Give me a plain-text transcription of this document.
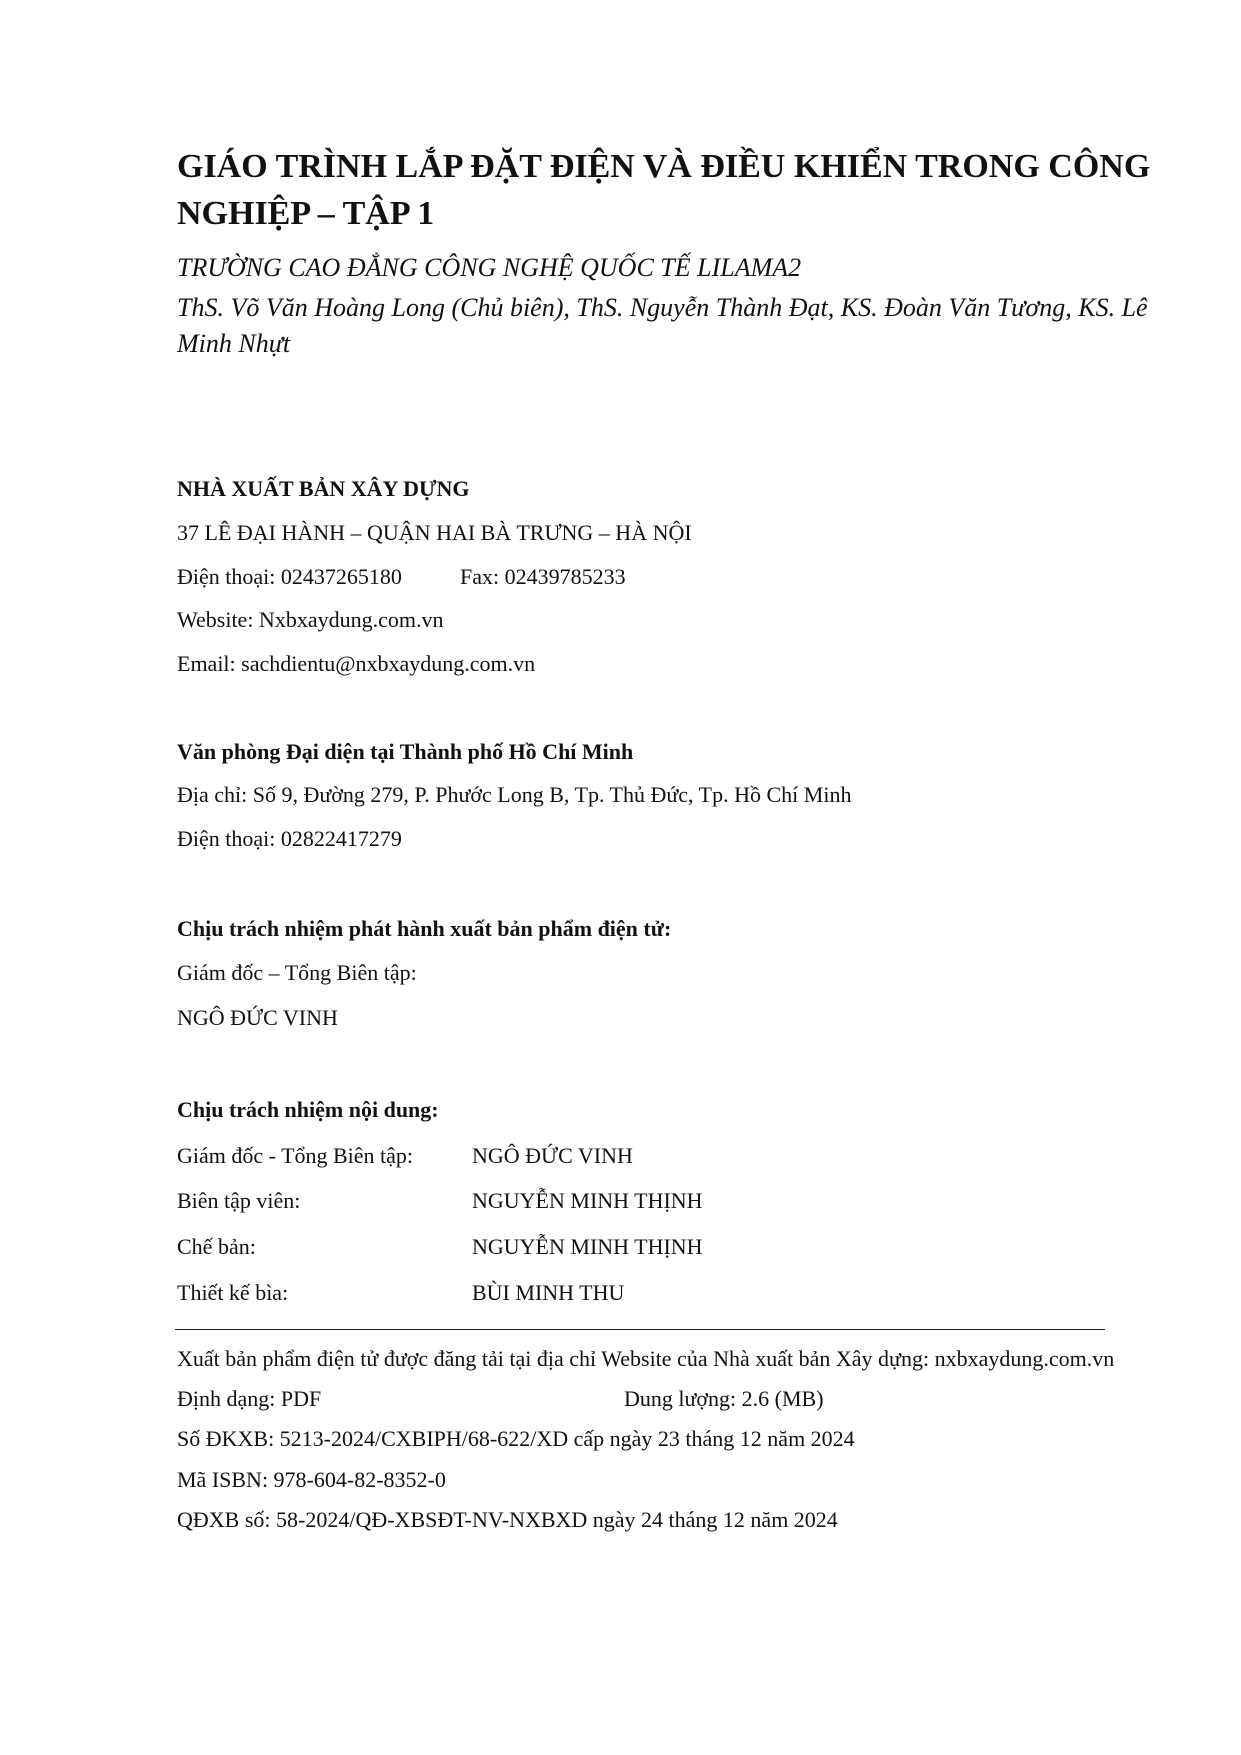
GIÁO TRÌNH LẮP ĐẶT ĐIỆN VÀ ĐIỀU KHIỂN TRONG CÔNG NGHIỆP – TẬP 1

TRƯỜNG CAO ĐẲNG CÔNG NGHỆ QUỐC TẾ LILAMA2

ThS. Võ Văn Hoàng Long (Chủ biên), ThS. Nguyễn Thành Đạt, KS. Đoàn Văn Tương, KS. Lê Minh Nhựt

NHÀ XUẤT BẢN XÂY DỰNG

37 LÊ ĐẠI HÀNH – QUẬN HAI BÀ TRƯNG – HÀ NỘI

Điện thoại: 02437265180	Fax: 02439785233

Website: Nxbxaydung.com.vn

Email: sachdientu@nxbxaydung.com.vn

Văn phòng Đại diện tại Thành phố Hồ Chí Minh

Địa chỉ: Số 9, Đường 279, P. Phước Long B, Tp. Thủ Đức, Tp. Hồ Chí Minh

Điện thoại: 02822417279

Chịu trách nhiệm phát hành xuất bản phẩm điện tử:

Giám đốc – Tổng Biên tập:

NGÔ ĐỨC VINH

Chịu trách nhiệm nội dung:

Giám đốc - Tổng Biên tập:	NGÔ ĐỨC VINH

Biên tập viên:	NGUYỄN MINH THỊNH

Chế bản:	NGUYỄN MINH THỊNH

Thiết kế bìa:	BÙI MINH THU

Xuất bản phẩm điện tử được đăng tải tại địa chỉ Website của Nhà xuất bản Xây dựng: nxbxaydung.com.vn

Định dạng: PDF	Dung lượng: 2.6 (MB)

Số ĐKXB: 5213-2024/CXBIPH/68-622/XD cấp ngày 23 tháng 12 năm 2024

Mã ISBN: 978-604-82-8352-0

QĐXB số: 58-2024/QĐ-XBSĐT-NV-NXBXD ngày 24 tháng 12 năm 2024
